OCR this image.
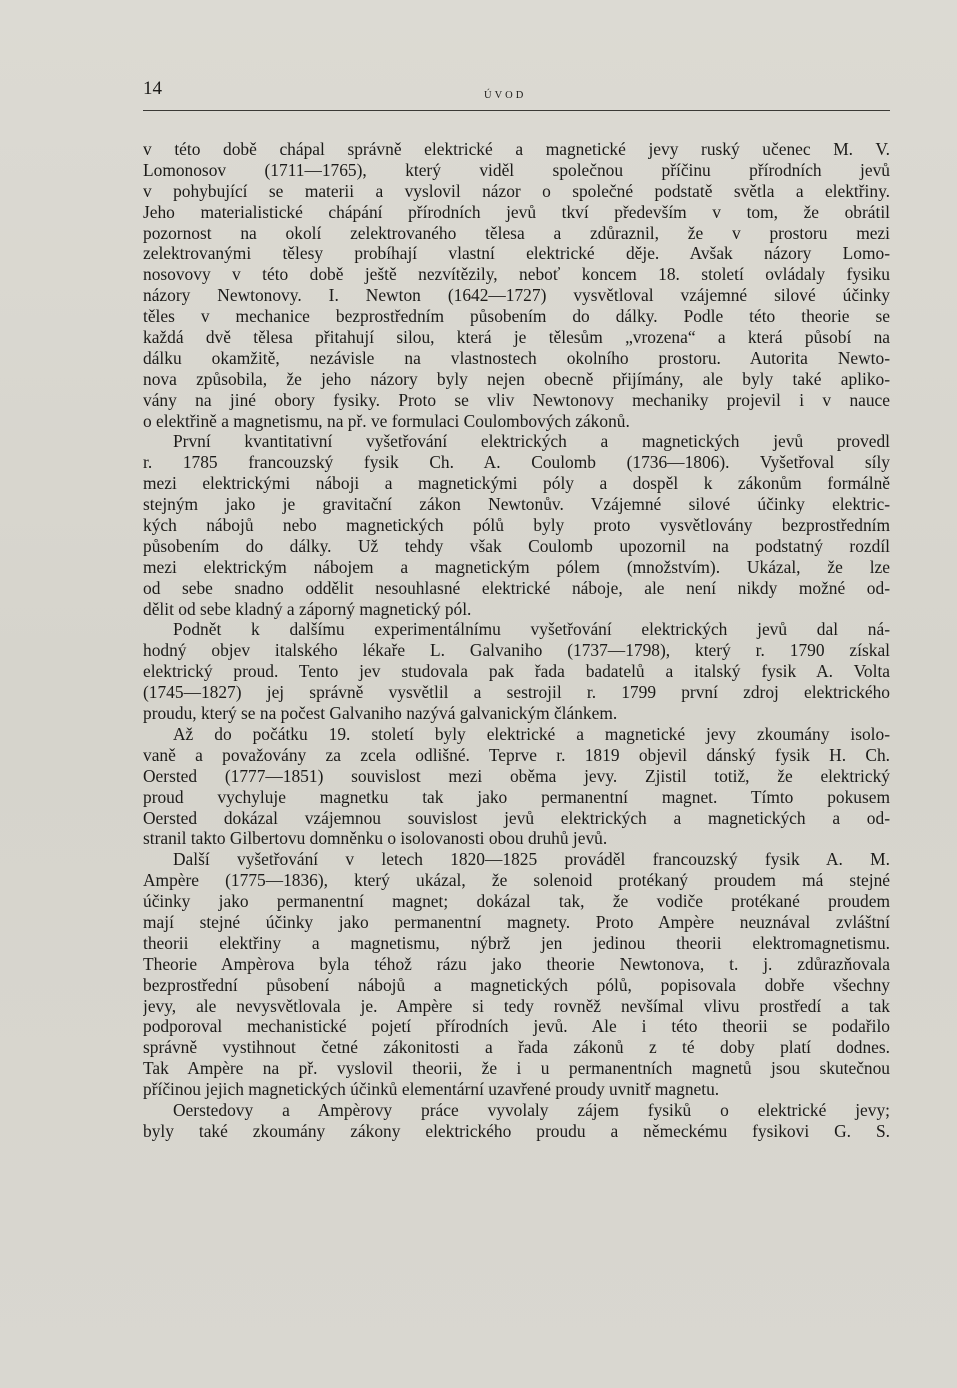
14	ÚVOD
v této době chápal správně elektrické a magnetické jevy ruský učenec M. V.
Lomonosov (1711—1765), který viděl společnou příčinu přírodních jevů
v pohybující se materii a vyslovil názor o společné podstatě světla a elektřiny.
Jeho materialistické chápání přírodních jevů tkví především v tom, že obrátil
pozornost na okolí zelektrovaného tělesa a zdůraznil, že v prostoru mezi
zelektrovanými tělesy probíhají vlastní elektrické děje. Avšak názory Lomo-
nosovovy v této době ještě nezvítězily, neboť koncem 18. století ovládaly fysiku
názory Newtonovy. I. Newton (1642—1727) vysvětloval vzájemné silové účinky
těles v mechanice bezprostředním působením do dálky. Podle této theorie se
každá dvě tělesa přitahují silou, která je tělesům „vrozena“ a která působí na
dálku okamžitě, nezávisle na vlastnostech okolního prostoru. Autorita Newto-
nova způsobila, že jeho názory byly nejen obecně přijímány, ale byly také apliko-
vány na jiné obory fysiky. Proto se vliv Newtonovy mechaniky projevil i v nauce
o elektřině a magnetismu, na př. ve formulaci Coulombových zákonů.
První kvantitativní vyšetřování elektrických a magnetických jevů provedl
r. 1785 francouzský fysik Ch. A. Coulomb (1736—1806). Vyšetřoval síly
mezi elektrickými náboji a magnetickými póly a dospěl k zákonům formálně
stejným jako je gravitační zákon Newtonův. Vzájemné silové účinky elektric-
kých nábojů nebo magnetických pólů byly proto vysvětlovány bezprostředním
působením do dálky. Už tehdy však Coulomb upozornil na podstatný rozdíl
mezi elektrickým nábojem a magnetickým pólem (množstvím). Ukázal, že lze
od sebe snadno oddělit nesouhlasné elektrické náboje, ale není nikdy možné od-
dělit od sebe kladný a záporný magnetický pól.
Podnět k dalšímu experimentálnímu vyšetřování elektrických jevů dal ná-
hodný objev italského lékaře L. Galvaniho (1737—1798), který r. 1790 získal
elektrický proud. Tento jev studovala pak řada badatelů a italský fysik A. Volta
(1745—1827) jej správně vysvětlil a sestrojil r. 1799 první zdroj elektrického
proudu, který se na počest Galvaniho nazývá galvanickým článkem.
Až do počátku 19. století byly elektrické a magnetické jevy zkoumány isolo-
vaně a považovány za zcela odlišné. Teprve r. 1819 objevil dánský fysik H. Ch.
Oersted (1777—1851) souvislost mezi oběma jevy. Zjistil totiž, že elektrický
proud vychyluje magnetku tak jako permanentní magnet. Tímto pokusem
Oersted dokázal vzájemnou souvislost jevů elektrických a magnetických a od-
stranil takto Gilbertovu domněnku o isolovanosti obou druhů jevů.
Další vyšetřování v letech 1820—1825 prováděl francouzský fysik A. M.
Ampère (1775—1836), který ukázal, že solenoid protékaný proudem má stejné
účinky jako permanentní magnet; dokázal tak, že vodiče protékané proudem
mají stejné účinky jako permanentní magnety. Proto Ampère neuznával zvláštní
theorii elektřiny a magnetismu, nýbrž jen jedinou theorii elektromagnetismu.
Theorie Ampèrova byla téhož rázu jako theorie Newtonova, t. j. zdůrazňovala
bezprostřední působení nábojů a magnetických pólů, popisovala dobře všechny
jevy, ale nevysvětlovala je. Ampère si tedy rovněž nevšímal vlivu prostředí a tak
podporoval mechanistické pojetí přírodních jevů. Ale i této theorii se podařilo
správně vystihnout četné zákonitosti a řada zákonů z té doby platí dodnes.
Tak Ampère na př. vyslovil theorii, že i u permanentních magnetů jsou skutečnou
příčinou jejich magnetických účinků elementární uzavřené proudy uvnitř magnetu.
Oerstedovy a Ampèrovy práce vyvolaly zájem fysiků o elektrické jevy;
byly také zkoumány zákony elektrického proudu a německému fysikovi G. S.
